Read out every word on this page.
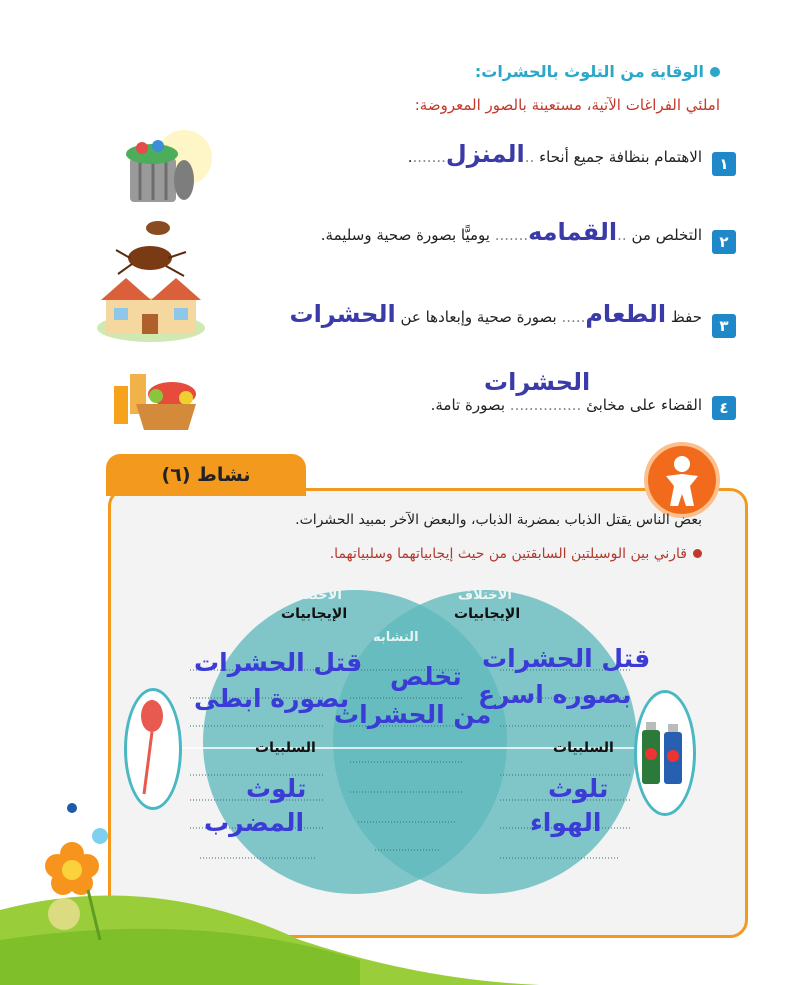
الوقاية من التلوث بالحشرات:
املئي الفراغات الآتية، مستعينة بالصور المعروضة:
١
الاهتمام بنظافة جميع أنحاء ..المنزل........
٢
التخلص من ..القمامه....... يوميًّا بصورة صحية وسليمة.
٣
حفظ الطعام..... بصورة صحية وإبعادها عن الحشرات
٤
القضاء على مخابئ ............... بصورة تامة.
الحشرات
نشاط (٦)
بعض الناس يقتل الذباب بمضربة الذباب، والبعض الآخر بمبيد الحشرات.
قارني بين الوسيلتين السابقتين من حيث إيجابياتهما وسلبياتهما.
الاختلاف
الإيجابيات
الاختلاف
الإيجابيات
التشابه
السلبيات
السلبيات
قتل الحشرات
بصوره اسرع
تلوث
الهواء
قتل الحشرات
بصورة ابطى
تلوث
المضرب
تخلص
من الحشرات
